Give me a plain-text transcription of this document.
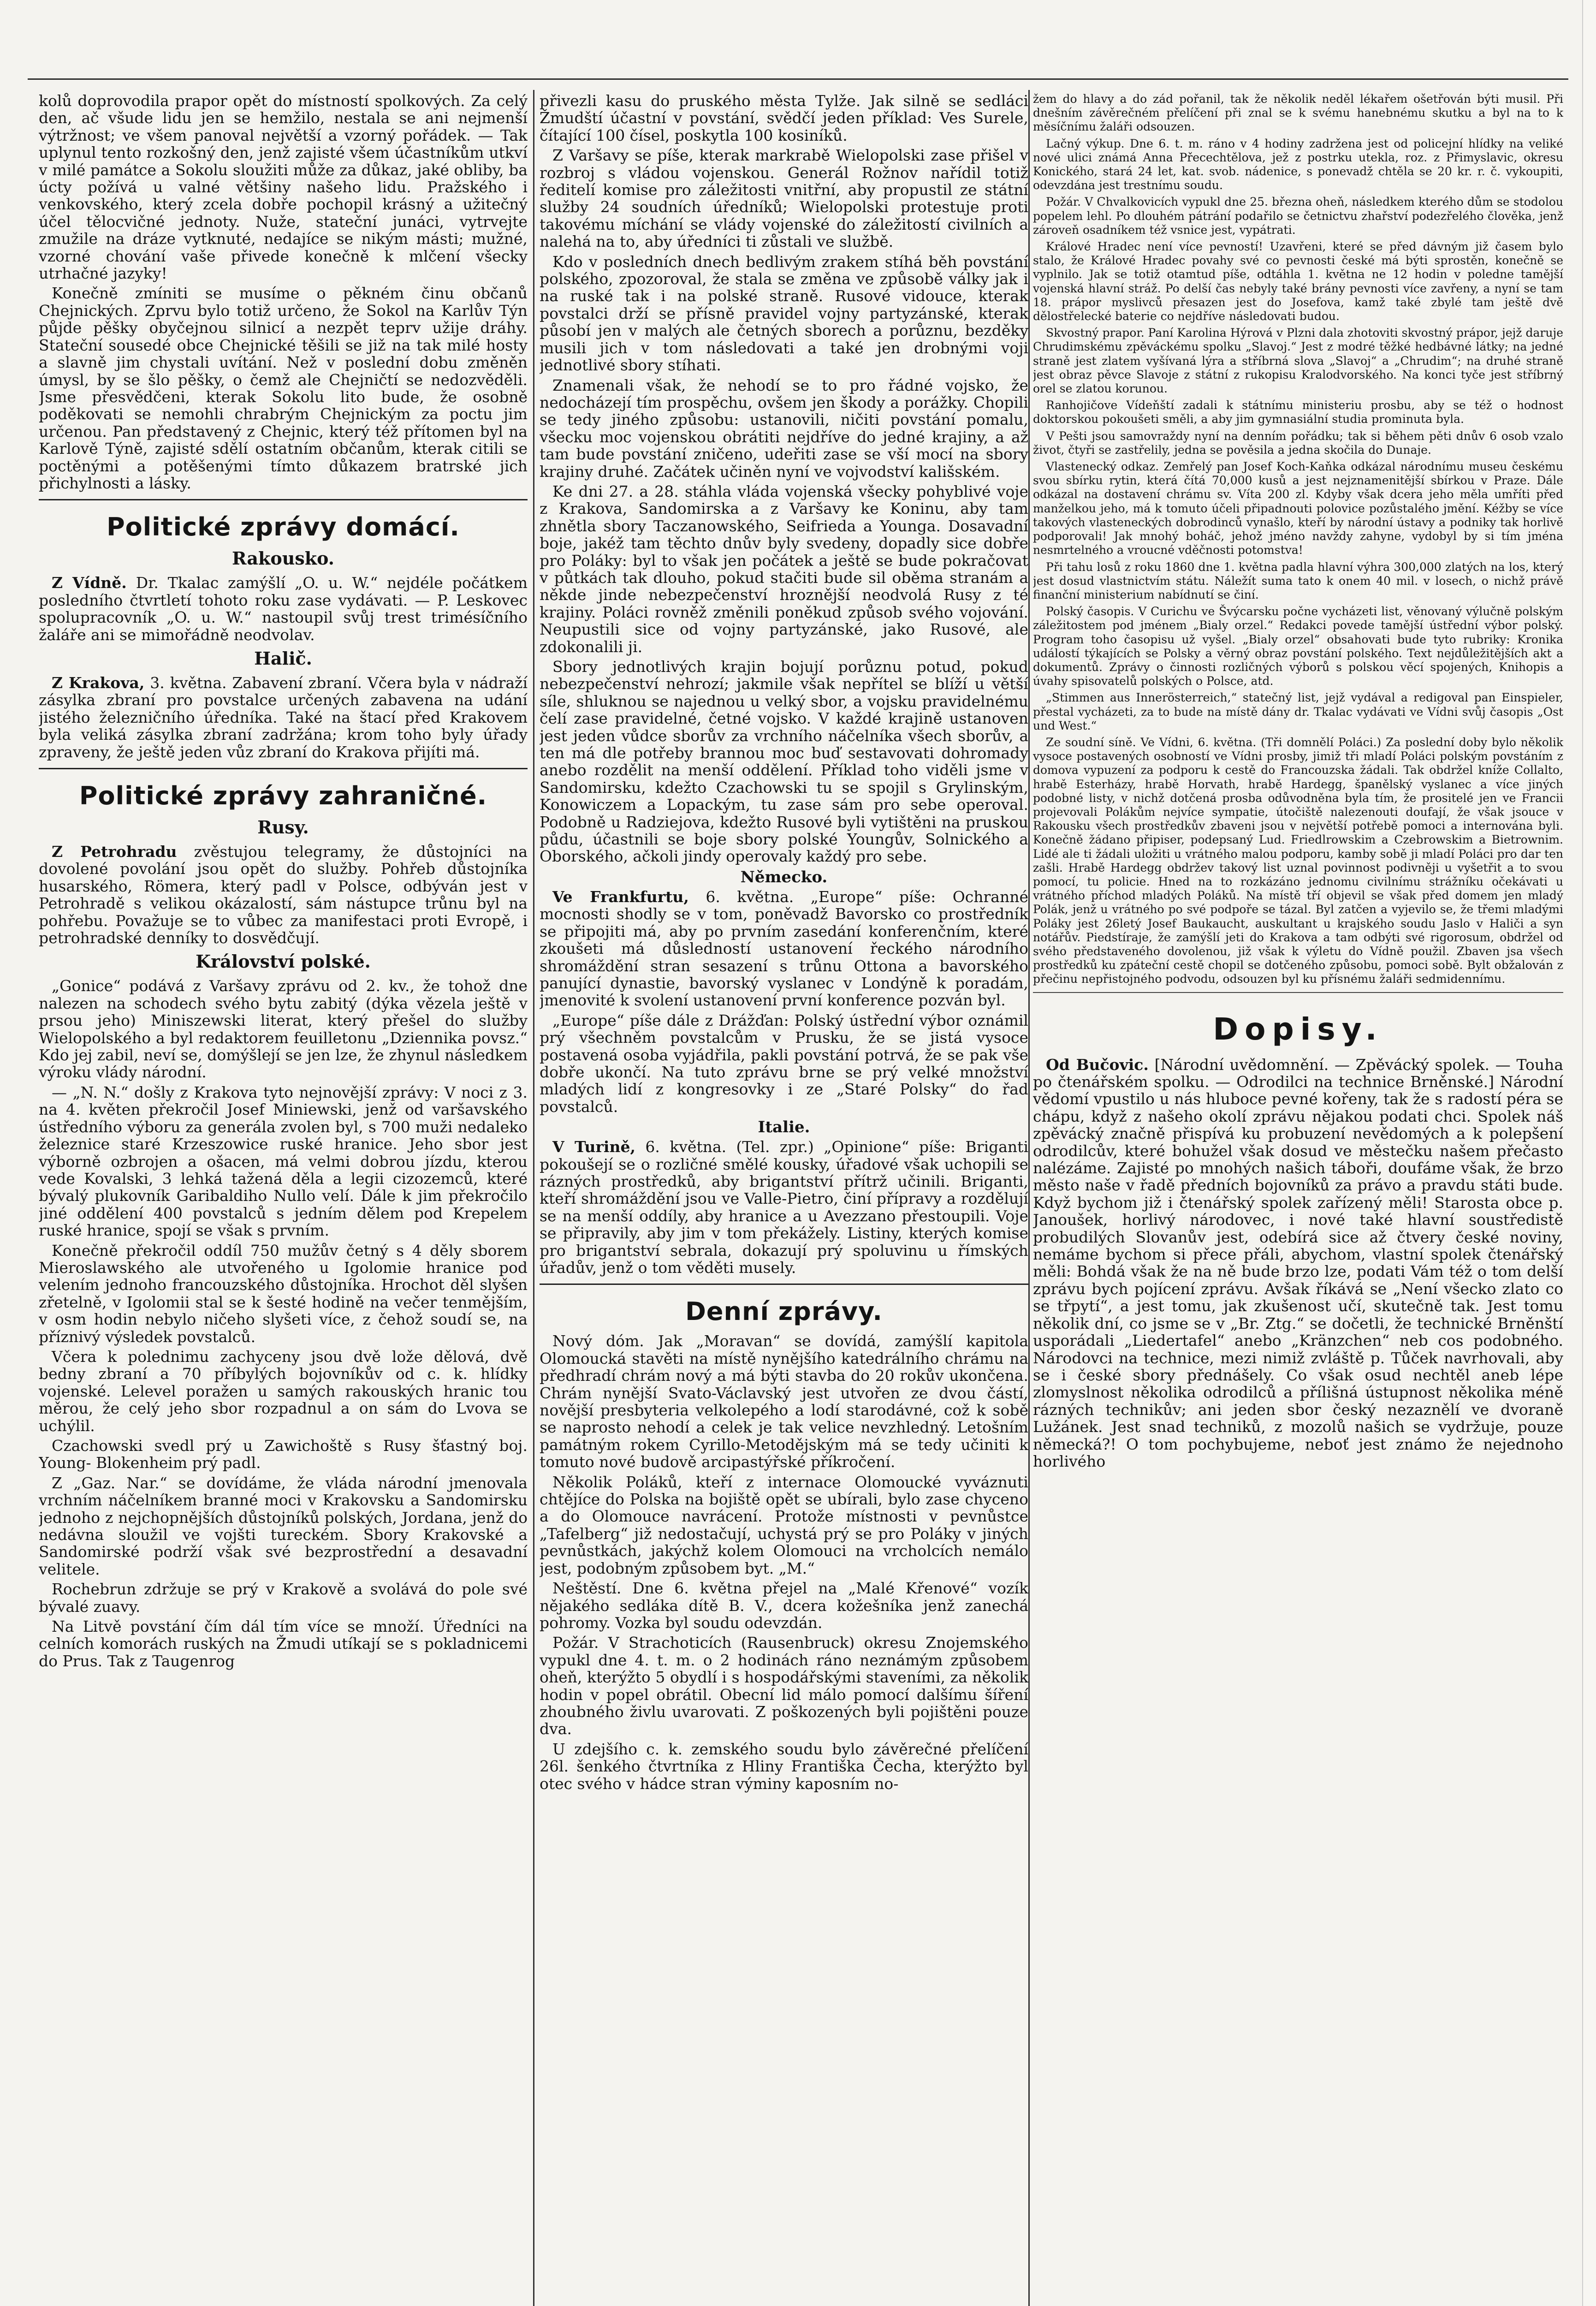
kolů doprovodila prapor opět do místností spolkových. Za celý den, ač všude lidu jen se hemžilo, nestala se ani nejmenší výtržnost; ve všem panoval největší a vzorný pořádek. — Tak uplynul tento rozkošný den, jenž zajisté všem účastníkům utkví v milé památce a Sokolu sloužiti může za důkaz, jaké obliby, ba úcty požívá u valné většiny našeho lidu. Pražského i venkovského, který zcela dobře pochopil krásný a užitečný účel tělocvičné jednoty. Nuže, stateční junáci, vytrvejte zmužile na dráze vytknuté, nedajíce se nikým másti; mužné, vzorné chování vaše přivede konečně k mlčení všecky utrhačné jazyky!

Konečně zmíniti se musíme o pěkném činu občanů Chejnických. Zprvu bylo totiž určeno, že Sokol na Karlův Týn půjde pěšky obyčejnou silnicí a nezpět teprv užije dráhy. Stateční sousedé obce Chejnické těšili se již na tak milé hosty a slavně jim chystali uvítání. Než v poslední dobu změněn úmysl, by se šlo pěšky, o čemž ale Chejničtí se nedozvěděli. Jsme přesvědčeni, kterak Sokolu lito bude, že osobně poděkovati se nemohli chrabrým Chejnickým za poctu jim určenou. Pan představený z Chejnic, který též přítomen byl na Karlově Týně, zajisté sdělí ostatním občanům, kterak citili se poctěnými a potěšenými tímto důkazem bratrské jich přichylnosti a lásky.

Politické zprávy domácí.
Rakousko.

Z Vídně. Dr. Tkalac zamýšlí „O. u. W.“ nejdéle počátkem posledního čtvrtletí tohoto roku zase vydávati. — P. Leskovec spolupracovník „O. u. W.“ nastoupil svůj trest trimésíčního žaláře ani se mimořádně neodvolav.

Halič.

Z Krakova, 3. května. Zabavení zbraní. Včera byla v nádraží zásylka zbraní pro povstalce určených zabavena na udání jistého železničního úředníka. Také na štací před Krakovem byla veliká zásylka zbraní zadržána; krom toho byly úřady zpraveny, že ještě jeden vůz zbraní do Krakova přijíti má.

Politické zprávy zahraničné.
Rusy.

Z Petrohradu zvěstujou telegramy, že důstojníci na dovolené povolání jsou opět do služby. Pohřeb důstojníka husarského, Römera, který padl v Polsce, odbýván jest v Petrohradě s velikou okázalostí, sám nástupce trůnu byl na pohřebu. Považuje se to vůbec za manifestaci proti Evropě, i petrohradské denníky to dosvědčují.

Království polské.

„Gonice“ podává z Varšavy zprávu od 2. kv., že tohož dne nalezen na schodech svého bytu zabitý (dýka vězela ještě v prsou jeho) Miniszewski literat, který přešel do služby Wielopolského a byl redaktorem feuilletonu „Dziennika povsz.“ Kdo jej zabil, neví se, domýšlejí se jen lze, že zhynul následkem výroku vlády národní.

— „N. N.“ došly z Krakova tyto nejnovější zprávy: V noci z 3. na 4. květen překročil Josef Miniewski, jenž od varšavského ústředního výboru za generála zvolen byl, s 700 muži nedaleko železnice staré Krzeszowice ruské hranice. Jeho sbor jest výborně ozbrojen a ošacen, má velmi dobrou jízdu, kterou vede Kovalski, 3 lehká tažená děla a legii cizozemců, které bývalý plukovník Garibaldiho Nullo velí. Dále k jim překročilo jiné oddělení 400 povstalců s jedním dělem pod Krepelem ruské hranice, spojí se však s prvním.

Konečně překročil oddíl 750 mužův četný s 4 děly sborem Mieroslawského ale utvořeného u Igolomie hranice pod velením jednoho francouzského důstojníka. Hrochot děl slyšen zřetelně, v Igolomii stal se k šesté hodině na večer tenmějším, v osm hodin nebylo ničeho slyšeti více, z čehož soudí se, na příznivý výsledek povstalců.

Včera k polednimu zachyceny jsou dvě lože dělová, dvě bedny zbraní a 70 příbylých bojovníkův od c. k. hlídky vojenské. Lelevel poražen u samých rakouských hranic tou měrou, že celý jeho sbor rozpadnul a on sám do Lvova se uchýlil.

Czachowski svedl prý u Zawichoště s Rusy šťastný boj. Young- Blokenheim prý padl.

Z „Gaz. Nar.“ se dovídáme, že vláda národní jmenovala vrchním náčelníkem branné moci v Krakovsku a Sandomirsku jednoho z nejchopnějších důstojníků polských, Jordana, jenž do nedávna sloužil ve vojšti tureckém. Sbory Krakovské a Sandomirské podrží však své bezprostřední a desavadní velitele.

Rochebrun zdržuje se prý v Krakově a svolává do pole své bývalé zuavy.

Na Litvě povstání čím dál tím více se množí. Úředníci na celních komorách ruských na Žmudi utíkají se s pokladnicemi do Prus. Tak z Taugenrog

přivezli kasu do pruského města Tylže. Jak silně se sedláci Žmudští účastní v povstání, svědčí jeden příklad: Ves Surele, čítající 100 čísel, poskytla 100 kosiníků.

Z Varšavy se píše, kterak markrabě Wielopolski zase přišel v rozbroj s vládou vojenskou. Generál Rožnov nařídil totiž ředitelí komise pro záležitosti vnitřní, aby propustil ze státní služby 24 soudních úředníků; Wielopolski protestuje proti takovému míchání se vlády vojenské do záležitostí civilních a nalehá na to, aby úředníci ti zůstali ve službě.

Kdo v posledních dnech bedlivým zrakem stíhá běh povstání polského, zpozoroval, že stala se změna ve způsobě války jak i na ruské tak i na polské straně. Rusové vidouce, kterak povstalci drží se přísně pravidel vojny partyzánské, kterak působí jen v malých ale četných sborech a porůznu, bezděky musili jich v tom následovati a také jen drobnými voji jednotlivé sbory stíhati.

Znamenali však, že nehodí se to pro řádné vojsko, že nedocházejí tím prospěchu, ovšem jen škody a porážky. Chopili se tedy jiného způsobu: ustanovili, ničiti povstání pomalu, všecku moc vojenskou obrátiti nejdříve do jedné krajiny, a až tam bude povstání zničeno, udeřiti zase se vší mocí na sbory krajiny druhé. Začátek učiněn nyní ve vojvodství kališském.

Ke dni 27. a 28. stáhla vláda vojenská všecky pohyblivé voje z Krakova, Sandomirska a z Varšavy ke Koninu, aby tam zhnětla sbory Taczanowského, Seifrieda a Younga. Dosavadní boje, jakéž tam těchto dnův byly svedeny, dopadly sice dobře pro Poláky: byl to však jen počátek a ještě se bude pokračovat v půtkách tak dlouho, pokud stačiti bude sil oběma stranám a někde jinde nebezpečenství hroznější neodvolá Rusy z té krajiny. Poláci rovněž změnili poněkud způsob svého vojování. Neupustili sice od vojny partyzánské, jako Rusové, ale zdokonalili ji.

Sbory jednotlivých krajin bojují porůznu potud, pokud nebezpečenství nehrozí; jakmile však nepřítel se blíží u větší síle, shluknou se najednou u velký sbor, a vojsku pravidelnému čelí zase pravidelné, četné vojsko. V každé krajině ustanoven jest jeden vůdce sborův za vrchního náčelníka všech sborův, a ten má dle potřeby brannou moc buď sestavovati dohromady anebo rozdělit na menší oddělení. Příklad toho viděli jsme v Sandomirsku, kdežto Czachowski tu se spojil s Grylinským, Konowiczem a Lopackým, tu zase sám pro sebe operoval. Podobně u Radziejova, kdežto Rusové byli vytištěni na pruskou půdu, účastnili se boje sbory polské Youngův, Solnického a Oborského, ačkoli jindy operovaly každý pro sebe.

Německo.

Ve Frankfurtu, 6. května. „Europe“ píše: Ochranné mocnosti shodly se v tom, poněvadž Bavorsko co prostředník se připojiti má, aby po prvním zasedání konferenčním, které zkoušeti má důsledností ustanovení řeckého národního shromáždění stran sesazení s trůnu Ottona a bavorského panující dynastie, bavorský vyslanec v Londýně k poradám, jmenovité k svolení ustanovení první konference pozván byl.

„Europe“ píše dále z Drážďan: Polský ústřední výbor oznámil prý všechněm povstalcům v Prusku, že se jistá vysoce postavená osoba vyjádřila, pakli povstání potrvá, že se pak vše dobře ukončí. Na tuto zprávu brne se prý velké množství mladých lidí z kongresovky i ze „Staré Polsky“ do řad povstalců.

Italie.

V Turině, 6. května. (Tel. zpr.) „Opinione“ píše: Briganti pokoušejí se o rozličné smělé kousky, úřadové však uchopili se rázných prostředků, aby brigantství přítrž učinili. Briganti, kteří shromáždění jsou ve Valle-Pietro, činí přípravy a rozdělují se na menší oddíly, aby hranice a u Avezzano přestoupili. Voje se připravily, aby jim v tom překážely. Listiny, kterých komise pro brigantství sebrala, dokazují prý spoluvinu u římských úřadův, jenž o tom věděti musely.

Denní zprávy.

Nový dóm. Jak „Moravan“ se dovídá, zamýšlí kapitola Olomoucká stavěti na místě nynějšího katedrálního chrámu na předhradí chrám nový a má býti stavba do 20 rokův ukončena. Chrám nynější Svato-Václavský jest utvořen ze dvou částí, novější presbyteria velkolepého a lodí starodávné, což k sobě se naprosto nehodí a celek je tak velice nevzhledný. Letošním památným rokem Cyrillo-Metodějským má se tedy učiniti k tomuto nové budově arcipastýřské příkročení.

Několik Poláků, kteří z internace Olomoucké vyváznuti chtějíce do Polska na bojiště opět se ubírali, bylo zase chyceno a do Olomouce navrácení. Protože místnosti v pevnůstce „Tafelberg“ již nedostačují, uchystá prý se pro Poláky v jiných pevnůstkách, jakýchž kolem Olomouci na vrcholcích nemálo jest, podobným způsobem byt. „M.“

Neštěstí. Dne 6. května přejel na „Malé Křenové“ vozík nějakého sedláka dítě B. V., dcera kožešníka jenž zanechá pohromy. Vozka byl soudu odevzdán.

Požár. V Strachoticích (Rausenbruck) okresu Znojemského vypukl dne 4. t. m. o 2 hodinách ráno neznámým způsobem oheň, kterýžto 5 obydlí i s hospodářskými staveními, za několik hodin v popel obrátil. Obecní lid málo pomocí dalšímu šíření zhoubného živlu uvarovati. Z poškozených byli pojištěni pouze dva.

U zdejšího c. k. zemského soudu bylo závěrečné přelíčení 26l. šenkého čtvrtníka z Hliny Františka Čecha, kterýžto byl otec svého v hádce stran výminy kaposním no-

žem do hlavy a do zád pořanil, tak že několik neděl lékařem ošetřován býti musil. Při dnešním závěrečném přelíčení při znal se k svému hanebnému skutku a byl na to k měsíčnímu žaláři odsouzen.

Lačný výkup. Dne 6. t. m. ráno v 4 hodiny zadržena jest od policejní hlídky na veliké nové ulici známá Anna Přecechtělova, jež z postrku utekla, roz. z Přimyslavic, okresu Konického, stará 24 let, kat. svob. nádenice, s ponevadž chtěla se 20 kr. r. č. vykoupiti, odevzdána jest trestnímu soudu.

Požár. V Chvalkovicích vypukl dne 25. března oheň, následkem kterého dům se stodolou popelem lehl. Po dlouhém pátrání podařilo se četnictvu zhařství podezřelého člověka, jenž zároveň osadníkem též vsnice jest, vypátrati.

Králové Hradec není více pevností! Uzavřeni, které se před dávným již časem bylo stalo, že Králové Hradec povahy své co pevnosti české má býti sprostěn, konečně se vyplnilo. Jak se totiž otamtud píše, odtáhla 1. května ne 12 hodin v poledne tamější vojenská hlavní stráž. Po delší čas nebyly také brány pevnosti více zavřeny, a nyní se tam 18. prápor myslivců přesazen jest do Josefova, kamž také zbylé tam ještě dvě dělostřelecké baterie co nejdříve následovati budou.

Skvostný prapor. Paní Karolina Hýrová v Plzni dala zhotoviti skvostný prápor, jejž darujе Chrudimskému zpěváckému spolku „Slavoj.“ Jest z modré těžké hedbávné látky; na jedné straně jest zlatem vyšívaná lýra a stříbrná slova „Slavoj“ a „Chrudim“; na druhé straně jest obraz pěvce Slavoje z státní z rukopisu Kralodvorského. Na konci tyče jest stříbrný orel se zlatou korunou.

Ranhojičove Vídeňští zadali k státnímu ministeriu prosbu, aby se též o hodnost doktorskou pokoušeti směli, a aby jim gymnasiální studia prominuta byla.

V Pešti jsou samovraždy nyní na denním pořádku; tak si během pěti dnův 6 osob vzalo život, čtyři se zastřelily, jedna se pověsila a jedna skočila do Dunaje.

Vlastenecký odkaz. Zemřelý pan Josef Koch-Kaňka odkázal národnímu museu českému svou sbírku rytin, která čítá 70,000 kusů a jest nejznamenitější sbírkou v Praze. Dále odkázal na dostavení chrámu sv. Víta 200 zl. Kdyby však dcera jeho měla umříti před manželkou jeho, má k tomuto účeli připadnouti polovice pozůstalého jmění. Kéžby se více takových vlasteneckých dobrodinců vynašlo, kteří by národní ústavy a podniky tak horlivě podporovali! Jak mnohý boháč, jehož jméno navždy zahyne, vydobyl by si tím jménа nesmrtelného a vroucné vděčnosti potomstva!

Při tahu losů z roku 1860 dne 1. května padla hlavní výhra 300,000 zlatých na los, který jest dosud vlastnictvím státu. Náležít suma tato k onem 40 mil. v losech, o nichž právě finanční ministerium nabídnutí se činí.

Polský časopis. V Curichu ve Švýcarsku počne vycházeti list, věnovaný výlučně polským záležitostem pod jménem „Bialy orzel.“ Redakci povede tamější ústřední výbor polský. Program toho časopisu už vyšel. „Bialy orzel“ obsahovati bude tyto rubriky: Kronika událostí týkajících se Polsky a věrný obraz povstání polského. Text nejdůležitějších akt a dokumentů. Zprávy o činnosti rozličných výborů s polskou věcí spojených, Knihopis a úvahy spisovatelů polských o Polsce, atd.

„Stimmen aus Innerösterreich,“ statečný list, jejž vydával a redigoval pan Einspieler, přestal vycházeti, za to bude na místě dány dr. Tkalac vydávati ve Vídni svůj časopis „Ost und West.“

Ze soudní síně. Ve Vídni, 6. května. (Tři domnělí Poláci.) Za poslední doby bylo několik vysoce postavených osobností ve Vídni prosby, jimiž tři mladí Poláci polským povstáním z domova vypuzení za podporu k cestě do Francouzska žádali. Tak obdržel kníže Collalto, hrabě Esterházy, hrabě Horvath, hrabě Hardegg, španělský vyslanec a více jiných podobné listy, v nichž dotčená prosba odůvodněna byla tím, že prositelé jen ve Francii projevovali Polákům nejvíce sympatie, útočiště nalezenouti doufají, že však jsouce v Rakousku všech prostředkův zbaveni jsou v největší potřebě pomoci a internována byli. Konečně žádano připiser, podepsaný Lud. Friedlrowskim a Czebrowskim a Bietrownim. Lidé ale ti žádali uložiti u vrátného malou podporu, kamby sobě ji mladí Poláci pro dar ten zašli. Hrabě Hardegg obdržev takový list uznal povinnost podivněji u vyšetřit a to svou pomocí, tu policie. Hned na to rozkázáno jednomu civilnímu strážníku očekávati u vrátného příchod mladých Poláků. Na místě tří objevil se však před domem jen mladý Polák, jenž u vrátného po své podpoře se tázal. Byl zatčen a vyjevilo se, že třemi mladými Poláky jest 26letý Josef Baukaucht, auskultant u krajského soudu Jaslo v Haliči a syn notářův. Piedstíraje, že zamýšlí jeti do Krakova a tam odbýti své rigorosum, obdržel od svého představeného dovolenou, již však k výletu do Vídně použil. Zbaven jsa všech prostředků ku zpáteční cestě chopil se dotčeného způsobu, pomoci sobě. Bylt obžalován z přečinu nepřistojného podvodu, odsouzen byl ku přísnému žaláři sedmidennímu.

Dopisy.

Od Bučovic. [Národní uvědomnění. — Zpěvácký spolek. — Touha po čtenářském spolku. — Odrodilci na technice Brněnské.] Národní vědomí vpustilo u nás hluboce pevné kořeny, tak že s radostí péra se chápu, když z našeho okolí zprávu nějakou podati chci. Spolek náš zpěvácký značně přispívá ku probuzení nevědomých a k polepšení odrodilcův, které bohužel však dosud ve městečku našem přečasto nalézáme. Zajisté po mnohých našich táboři, doufáme však, že brzo město naše v řadě předních bojovníků za právo a pravdu státi bude. Když bychom již i čtenářský spolek zařízený měli! Starosta obce p. Janoušek, horlivý národovec, i nové také hlavní soustředistě probudilých Slovanův jest, odebírá sice až čtvery české noviny, nemáme bychom si přece přáli, abychom, vlastní spolek čtenářský měli: Bohdá však že na ně bude brzo lze, podati Vám též o tom delší zprávu bych pojícení zprávu. Avšak říkává se „Není všecko zlato co se třpytí“, a jest tomu, jak zkušenost učí, skutečně tak. Jest tomu několik dní, co jsme se v „Br. Ztg.“ se dočetli, že technické Brněnští usporádali „Liedertafel“ anebo „Kränzchen“ neb cos podobného. Národovci na technice, mezi nimiž zvláště p. Tůček navrhovali, aby se i české sbory přednášely. Co však osud nechtěl aneb lépe zlomyslnost několika odrodilců a přílišná ústupnost několika méně rázných technikův; ani jeden sbor český nezaznělí ve dvoraně Lužánek. Jest snad techniků, z mozolů našich se vydržuje, pouze německá?! O tom pochybujeme, neboť jest známo že nejednoho horlivého
